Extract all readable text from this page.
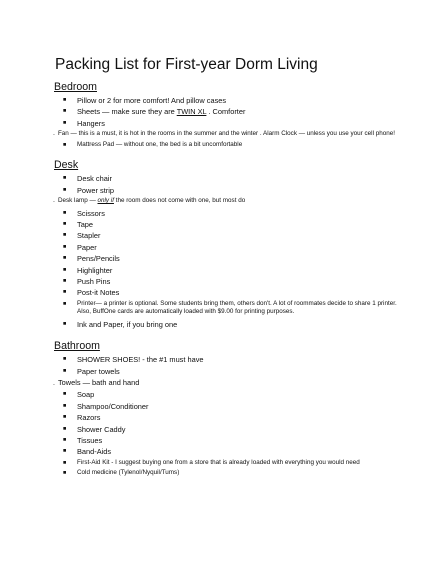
Packing List for First-year Dorm Living
Bedroom
■ Pillow or 2 for more comfort! And pillow cases
■ Sheets — make sure they are TWIN XL . Comforter
■ Hangers
. Fan — this is a must, it is hot in the rooms in the summer and the winter . Alarm Clock — unless you use your cell phone!
■ Mattress Pad — without one, the bed is a bit uncomfortable
Desk
■ Desk chair
■ Power strip
. Desk lamp — only if the room does not come with one, but most do
■ Scissors
■ Tape
■ Stapler
■ Paper
■ Pens/Pencils
■ Highlighter
■ Push Pins
■ Post-it Notes
■ Printer— a printer is optional. Some students bring them, others don't. A lot of roommates decide to share 1 printer. Also, BuffOne cards are automatically loaded with $9.00 for printing purposes.
■ Ink and Paper, if you bring one
Bathroom
■ SHOWER SHOES! - the #1 must have
■ Paper towels
. Towels — bath and hand
■ Soap
■ Shampoo/Conditioner
■ Razors
■ Shower Caddy
■ Tissues
■ Band-Aids
■ First-Aid Kit - I suggest buying one from a store that is already loaded with everything you would need
■ Cold medicine (Tylenol/Nyquil/Tums)
